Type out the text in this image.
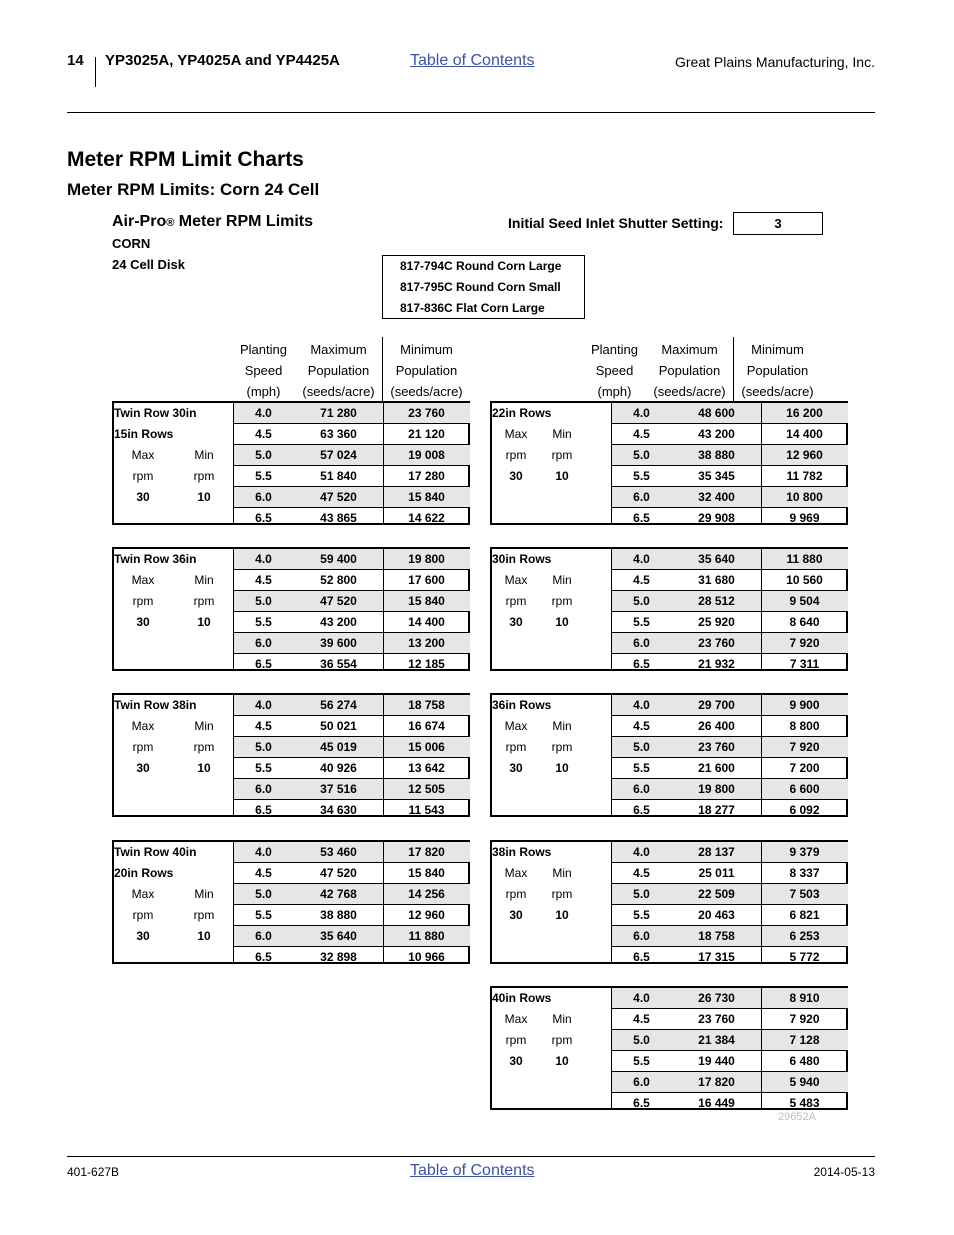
14 YP3025A, YP4025A and YP4425A	Table of Contents	Great Plains Manufacturing, Inc.
Meter RPM Limit Charts
Meter RPM Limits: Corn 24 Cell
Air-Pro® Meter RPM Limits
CORN
24 Cell Disk
Initial Seed Inlet Shutter Setting:	3
817-794C Round Corn Large
817-795C Round Corn Small
817-836C Flat Corn Large
Planting
Speed
(mph)
Maximum
Population
(seeds/acre)
Minimum
Population
(seeds/acre)
Planting
Speed
(mph)
Maximum
Population
(seeds/acre)
Minimum
Population
(seeds/acre)
Twin Row 30in
15in Rows
Max	Min
rpm	rpm
30	10
4.0	71 280	23 760
4.5	63 360	21 120
5.0	57 024	19 008
5.5	51 840	17 280
6.0	47 520	15 840
6.5	43 865	14 622
Twin Row 36in
Max	Min
rpm	rpm
30	10
4.0	59 400	19 800
4.5	52 800	17 600
5.0	47 520	15 840
5.5	43 200	14 400
6.0	39 600	13 200
6.5	36 554	12 185
Twin Row 38in
Max	Min
rpm	rpm
30	10
4.0	56 274	18 758
4.5	50 021	16 674
5.0	45 019	15 006
5.5	40 926	13 642
6.0	37 516	12 505
6.5	34 630	11 543
Twin Row 40in
20in Rows
Max	Min
rpm	rpm
30	10
4.0	53 460	17 820
4.5	47 520	15 840
5.0	42 768	14 256
5.5	38 880	12 960
6.0	35 640	11 880
6.5	32 898	10 966
22in Rows
Max	Min
rpm	rpm
30	10
4.0	48 600	16 200
4.5	43 200	14 400
5.0	38 880	12 960
5.5	35 345	11 782
6.0	32 400	10 800
6.5	29 908	9 969
30in Rows
Max	Min
rpm	rpm
30	10
4.0	35 640	11 880
4.5	31 680	10 560
5.0	28 512	9 504
5.5	25 920	8 640
6.0	23 760	7 920
6.5	21 932	7 311
36in Rows
Max	Min
rpm	rpm
30	10
4.0	29 700	9 900
4.5	26 400	8 800
5.0	23 760	7 920
5.5	21 600	7 200
6.0	19 800	6 600
6.5	18 277	6 092
38in Rows
Max	Min
rpm	rpm
30	10
4.0	28 137	9 379
4.5	25 011	8 337
5.0	22 509	7 503
5.5	20 463	6 821
6.0	18 758	6 253
6.5	17 315	5 772
40in Rows
Max	Min
rpm	rpm
30	10
4.0	26 730	8 910
4.5	23 760	7 920
5.0	21 384	7 128
5.5	19 440	6 480
6.0	17 820	5 940
6.5	16 449	5 483
29652A
401-627B	Table of Contents	2014-05-13
